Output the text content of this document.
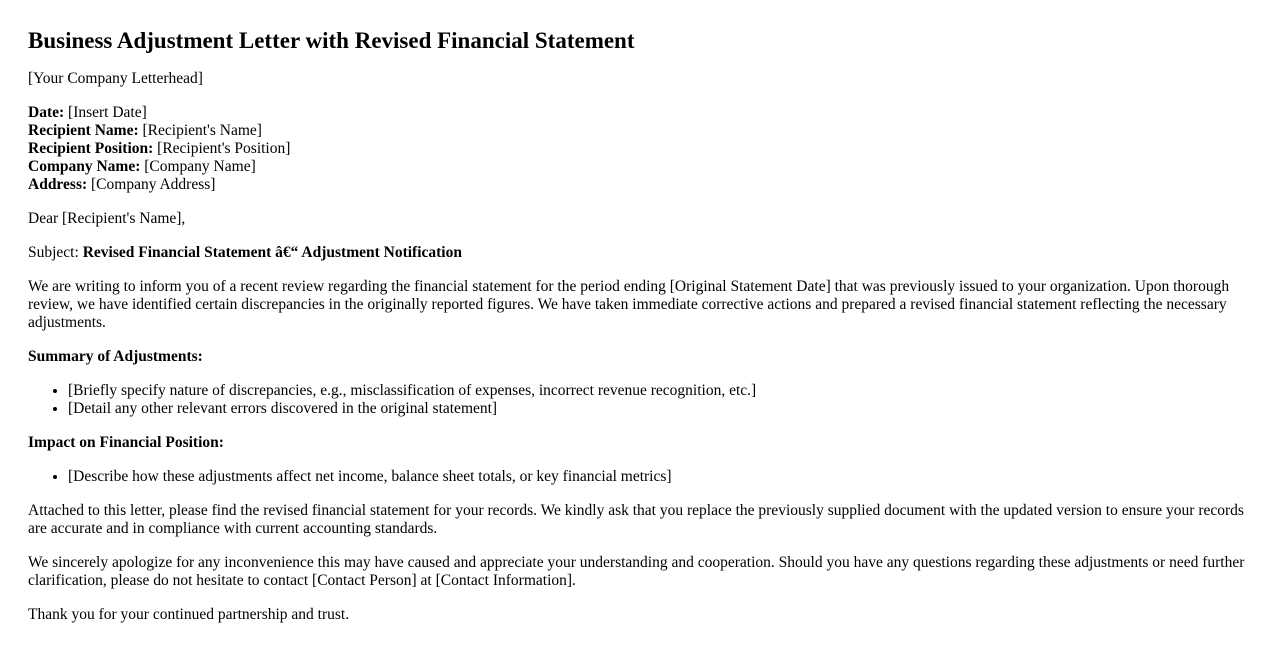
Business Adjustment Letter with Revised Financial Statement

[Your Company Letterhead]

Date: [Insert Date]
Recipient Name: [Recipient's Name]
Recipient Position: [Recipient's Position]
Company Name: [Company Name]
Address: [Company Address]

Dear [Recipient's Name],

Subject: Revised Financial Statement â€“ Adjustment Notification

We are writing to inform you of a recent review regarding the financial statement for the period ending [Original Statement Date] that was previously issued to your organization. Upon thorough review, we have identified certain discrepancies in the originally reported figures. We have taken immediate corrective actions and prepared a revised financial statement reflecting the necessary adjustments.

Summary of Adjustments:
• [Briefly specify nature of discrepancies, e.g., misclassification of expenses, incorrect revenue recognition, etc.]
• [Detail any other relevant errors discovered in the original statement]
Impact on Financial Position:
• [Describe how these adjustments affect net income, balance sheet totals, or key financial metrics]

Attached to this letter, please find the revised financial statement for your records. We kindly ask that you replace the previously supplied document with the updated version to ensure your records are accurate and in compliance with current accounting standards.

We sincerely apologize for any inconvenience this may have caused and appreciate your understanding and cooperation. Should you have any questions regarding these adjustments or need further clarification, please do not hesitate to contact [Contact Person] at [Contact Information].

Thank you for your continued partnership and trust.
